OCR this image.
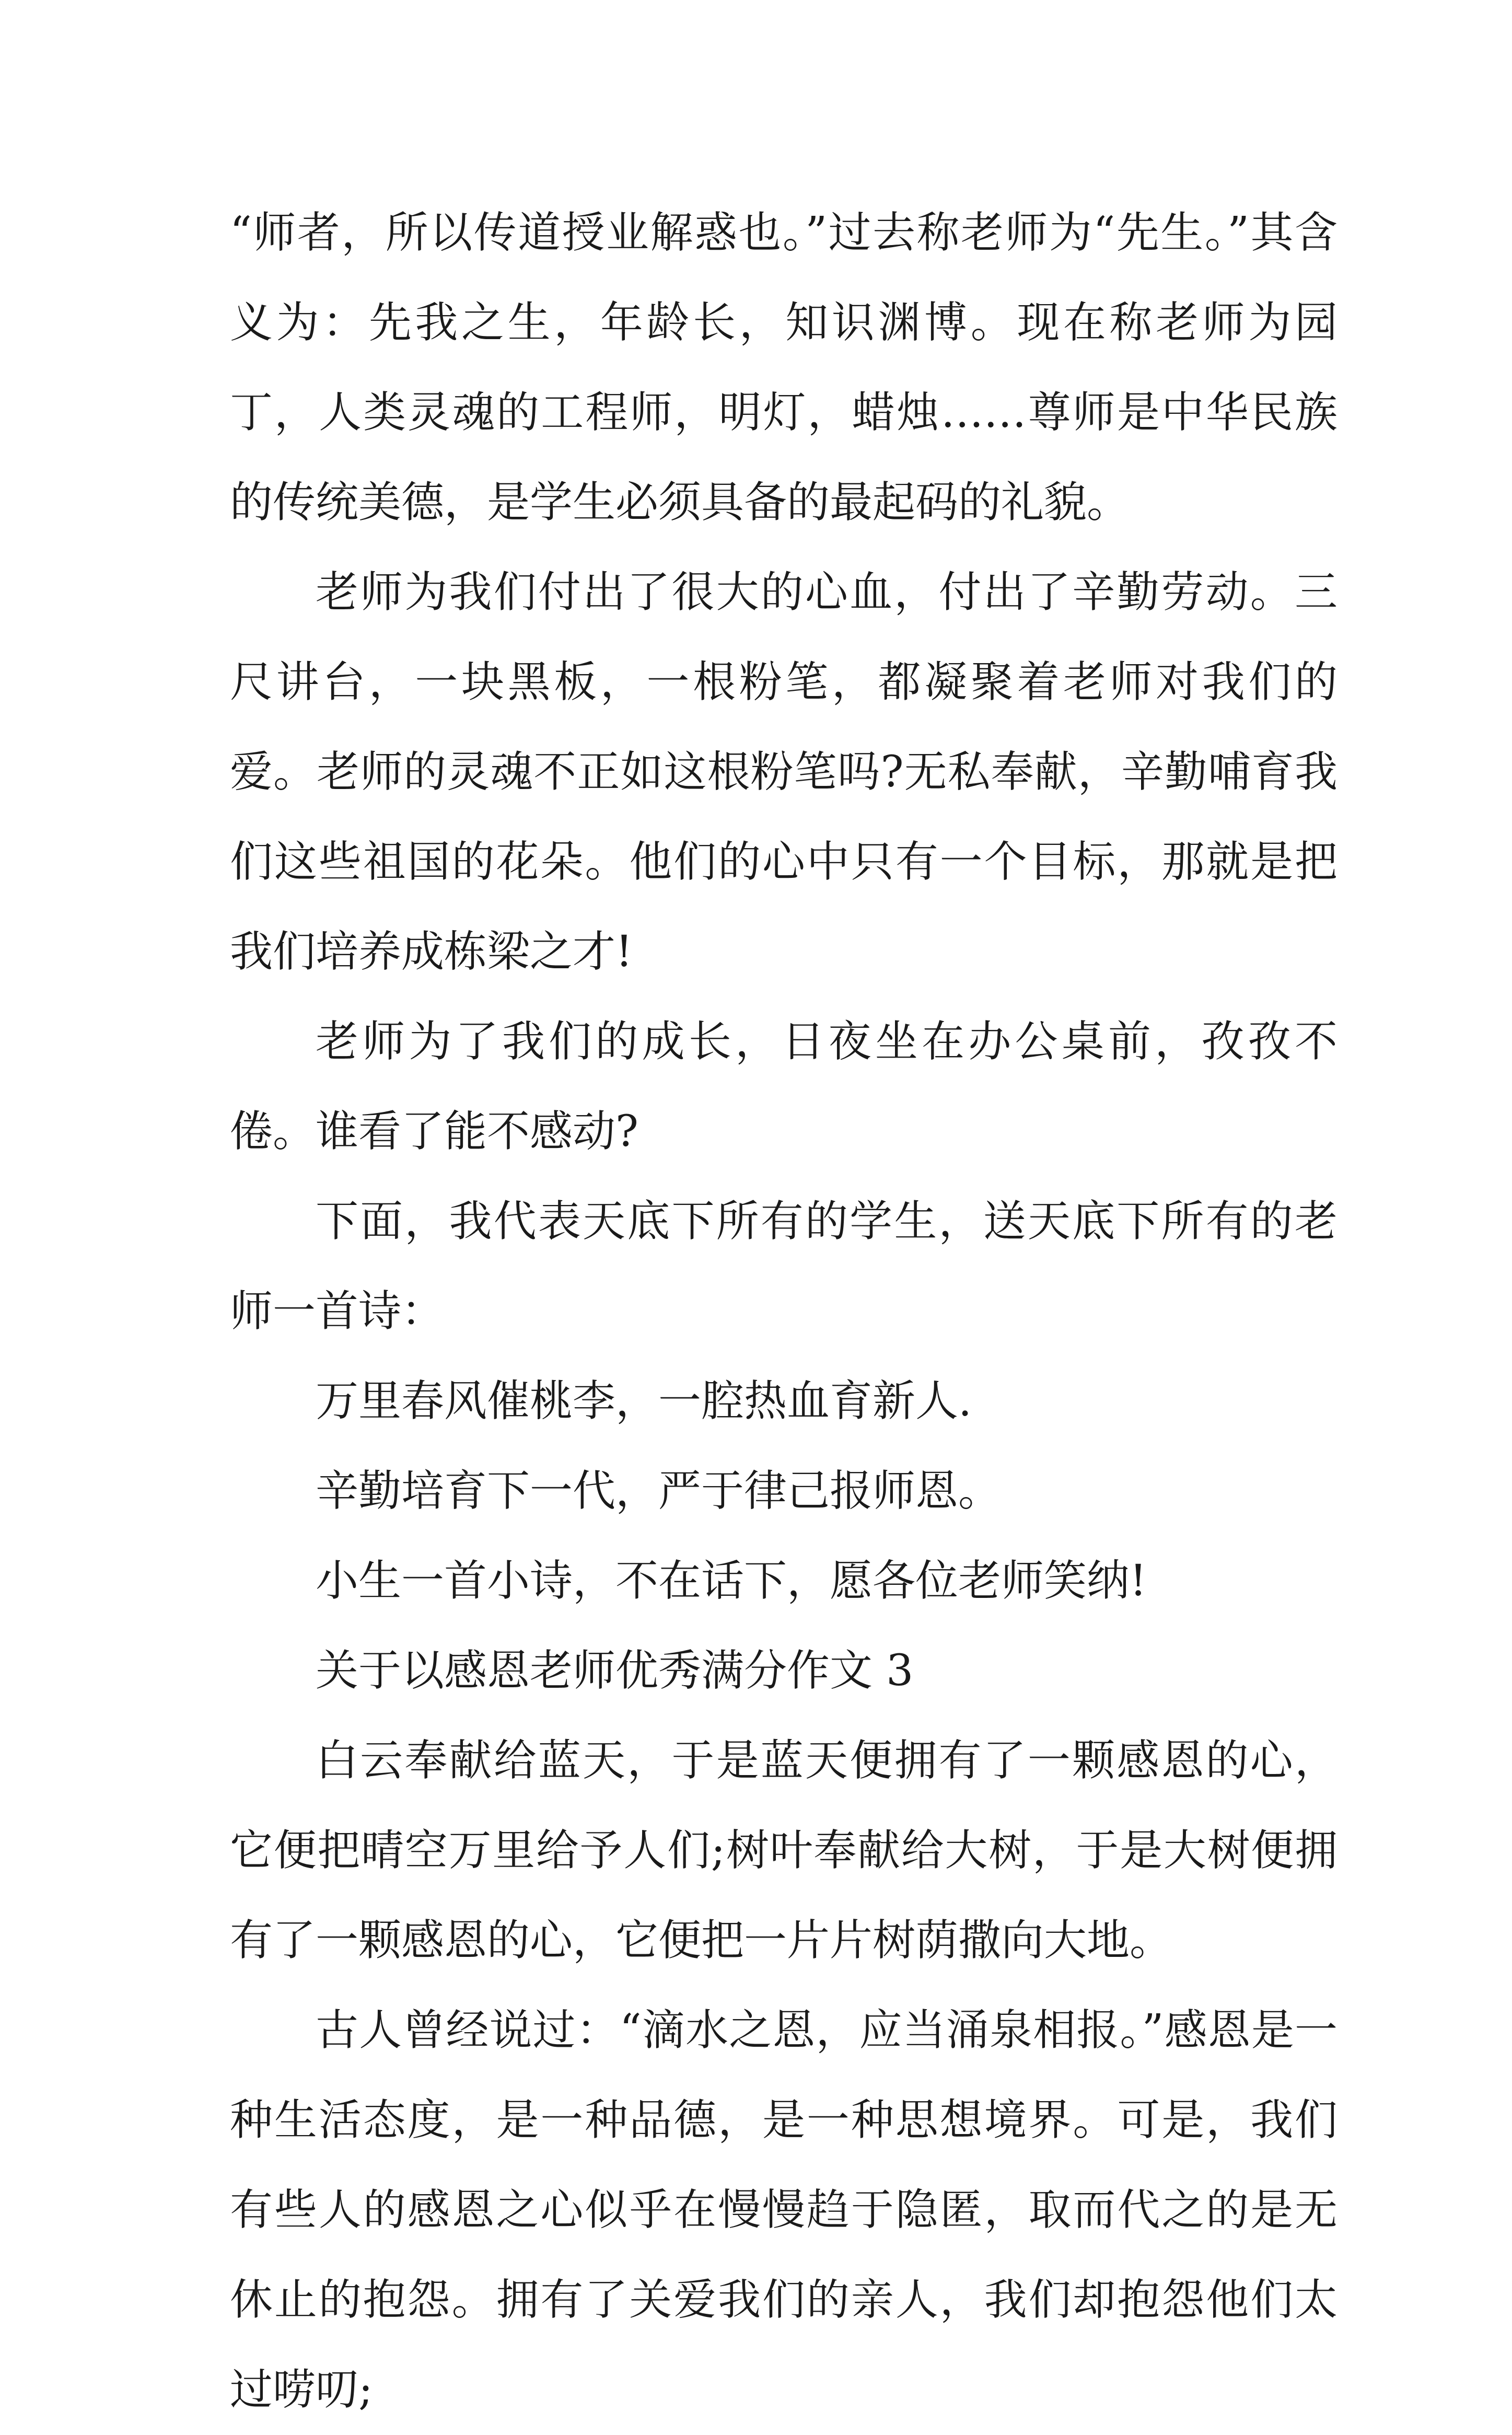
“师者，所以传道授业解惑也。”过去称老师为“先生。”其含义为：先我之生，年龄长，知识渊博。现在称老师为园丁，人类灵魂的工程师，明灯，蜡烛……尊师是中华民族的传统美德，是学生必须具备的最起码的礼貌。

老师为我们付出了很大的心血，付出了辛勤劳动。三尺讲台，一块黑板，一根粉笔，都凝聚着老师对我们的爱。老师的灵魂不正如这根粉笔吗?无私奉献，辛勤哺育我们这些祖国的花朵。他们的心中只有一个目标，那就是把我们培养成栋梁之才!

老师为了我们的成长，日夜坐在办公桌前，孜孜不倦。谁看了能不感动?

下面，我代表天底下所有的学生，送天底下所有的老师一首诗：

万里春风催桃李，一腔热血育新人.

辛勤培育下一代，严于律己报师恩。

小生一首小诗，不在话下，愿各位老师笑纳!

关于以感恩老师优秀满分作文 3

白云奉献给蓝天，于是蓝天便拥有了一颗感恩的心，它便把晴空万里给予人们;树叶奉献给大树，于是大树便拥有了一颗感恩的心，它便把一片片树荫撒向大地。

古人曾经说过：“滴水之恩，应当涌泉相报。”感恩是一种生活态度，是一种品德，是一种思想境界。可是，我们有些人的感恩之心似乎在慢慢趋于隐匿，取而代之的是无休止的抱怨。拥有了关爱我们的亲人，我们却抱怨他们太过唠叨;
